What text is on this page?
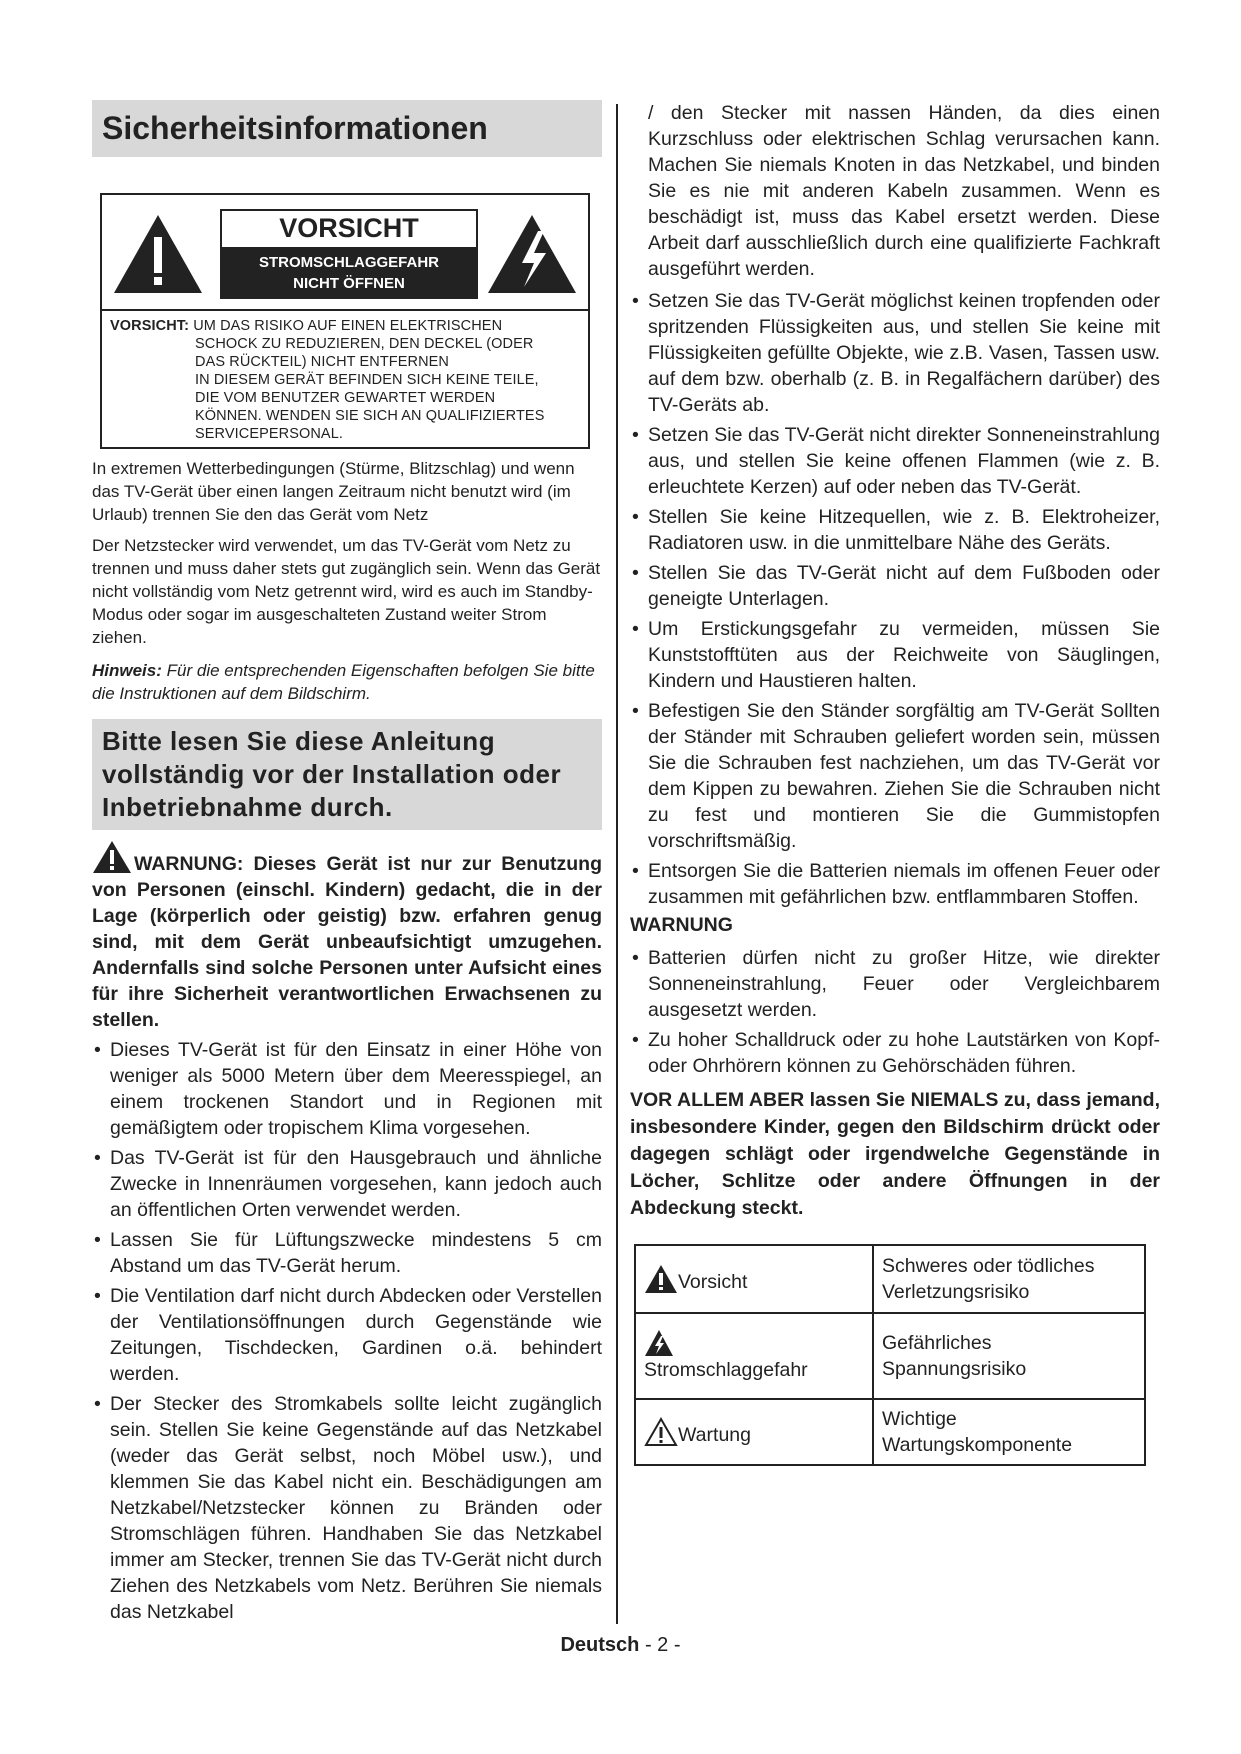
Sicherheitsinformationen

VORSICHT
STROMSCHLAGGEFAHR
NICHT ÖFFNEN
VORSICHT: UM DAS RISIKO AUF EINEN ELEKTRISCHEN
SCHOCK ZU REDUZIEREN, DEN DECKEL (ODER
DAS RÜCKTEIL) NICHT ENTFERNEN
IN DIESEM GERÄT BEFINDEN SICH KEINE TEILE,
DIE VOM BENUTZER GEWARTET WERDEN
KÖNNEN. WENDEN SIE SICH AN QUALIFIZIERTES
SERVICEPERSONAL.

In extremen Wetterbedingungen (Stürme, Blitzschlag) und wenn das TV-Gerät über einen langen Zeitraum nicht benutzt wird (im Urlaub) trennen Sie den das Gerät vom Netz

Der Netzstecker wird verwendet, um das TV-Gerät vom Netz zu trennen und muss daher stets gut zugänglich sein. Wenn das Gerät nicht vollständig vom Netz getrennt wird, wird es auch im Standby-Modus oder sogar im ausgeschalteten Zustand weiter Strom ziehen.

Hinweis: Für die entsprechenden Eigenschaften befolgen Sie bitte die Instruktionen auf dem Bildschirm.

Bitte lesen Sie diese Anleitung vollständig vor der Installation oder Inbetriebnahme durch.

WARNUNG: Dieses Gerät ist nur zur Benutzung von Personen (einschl. Kindern) gedacht, die in der Lage (körperlich oder geistig) bzw. erfahren genug sind, mit dem Gerät unbeaufsichtigt umzugehen. Andernfalls sind solche Personen unter Aufsicht eines für ihre Sicherheit verantwortlichen Erwachsenen zu stellen.

• Dieses TV-Gerät ist für den Einsatz in einer Höhe von weniger als 5000 Metern über dem Meeresspiegel, an einem trockenen Standort und in Regionen mit gemäßigtem oder tropischem Klima vorgesehen.
• Das TV-Gerät ist für den Hausgebrauch und ähnliche Zwecke in Innenräumen vorgesehen, kann jedoch auch an öffentlichen Orten verwendet werden.
• Lassen Sie für Lüftungszwecke mindestens 5 cm Abstand um das TV-Gerät herum.
• Die Ventilation darf nicht durch Abdecken oder Verstellen der Ventilationsöffnungen durch Gegenstände wie Zeitungen, Tischdecken, Gardinen o.ä. behindert werden.
• Der Stecker des Stromkabels sollte leicht zugänglich sein. Stellen Sie keine Gegenstände auf das Netzkabel (weder das Gerät selbst, noch Möbel usw.), und klemmen Sie das Kabel nicht ein. Beschädigungen am Netzkabel/Netzstecker können zu Bränden oder Stromschlägen führen. Handhaben Sie das Netzkabel immer am Stecker, trennen Sie das TV-Gerät nicht durch Ziehen des Netzkabels vom Netz. Berühren Sie niemals das Netzkabel

/ den Stecker mit nassen Händen, da dies einen Kurzschluss oder elektrischen Schlag verursachen kann. Machen Sie niemals Knoten in das Netzkabel, und binden Sie es nie mit anderen Kabeln zusammen. Wenn es beschädigt ist, muss das Kabel ersetzt werden. Diese Arbeit darf ausschließlich durch eine qualifizierte Fachkraft ausgeführt werden.

• Setzen Sie das TV-Gerät möglichst keinen tropfenden oder spritzenden Flüssigkeiten aus, und stellen Sie keine mit Flüssigkeiten gefüllte Objekte, wie z.B. Vasen, Tassen usw. auf dem bzw. oberhalb (z. B. in Regalfächern darüber) des TV-Geräts ab.
• Setzen Sie das TV-Gerät nicht direkter Sonneneinstrahlung aus, und stellen Sie keine offenen Flammen (wie z. B. erleuchtete Kerzen) auf oder neben das TV-Gerät.
• Stellen Sie keine Hitzequellen, wie z. B. Elektroheizer, Radiatoren usw. in die unmittelbare Nähe des Geräts.
• Stellen Sie das TV-Gerät nicht auf dem Fußboden oder geneigte Unterlagen.
• Um Erstickungsgefahr zu vermeiden, müssen Sie Kunststofftüten aus der Reichweite von Säuglingen, Kindern und Haustieren halten.
• Befestigen Sie den Ständer sorgfältig am TV-Gerät Sollten der Ständer mit Schrauben geliefert worden sein, müssen Sie die Schrauben fest nachziehen, um das TV-Gerät vor dem Kippen zu bewahren. Ziehen Sie die Schrauben nicht zu fest und montieren Sie die Gummistopfen vorschriftsmäßig.
• Entsorgen Sie die Batterien niemals im offenen Feuer oder zusammen mit gefährlichen bzw. entflammbaren Stoffen.

WARNUNG

• Batterien dürfen nicht zu großer Hitze, wie direkter Sonneneinstrahlung, Feuer oder Vergleichbarem ausgesetzt werden.
• Zu hoher Schalldruck oder zu hohe Lautstärken von Kopf- oder Ohrhörern können zu Gehörschäden führen.

VOR ALLEM ABER lassen Sie NIEMALS zu, dass jemand, insbesondere Kinder, gegen den Bildschirm drückt oder dagegen schlägt oder irgendwelche Gegenstände in Löcher, Schlitze oder andere Öffnungen in der Abdeckung steckt.

Vorsicht	Schweres oder tödliches Verletzungsrisiko

Stromschlaggefahr	Gefährliches Spannungsrisiko
Wartung	Wichtige Wartungskomponente
Deutsch - 2 -
